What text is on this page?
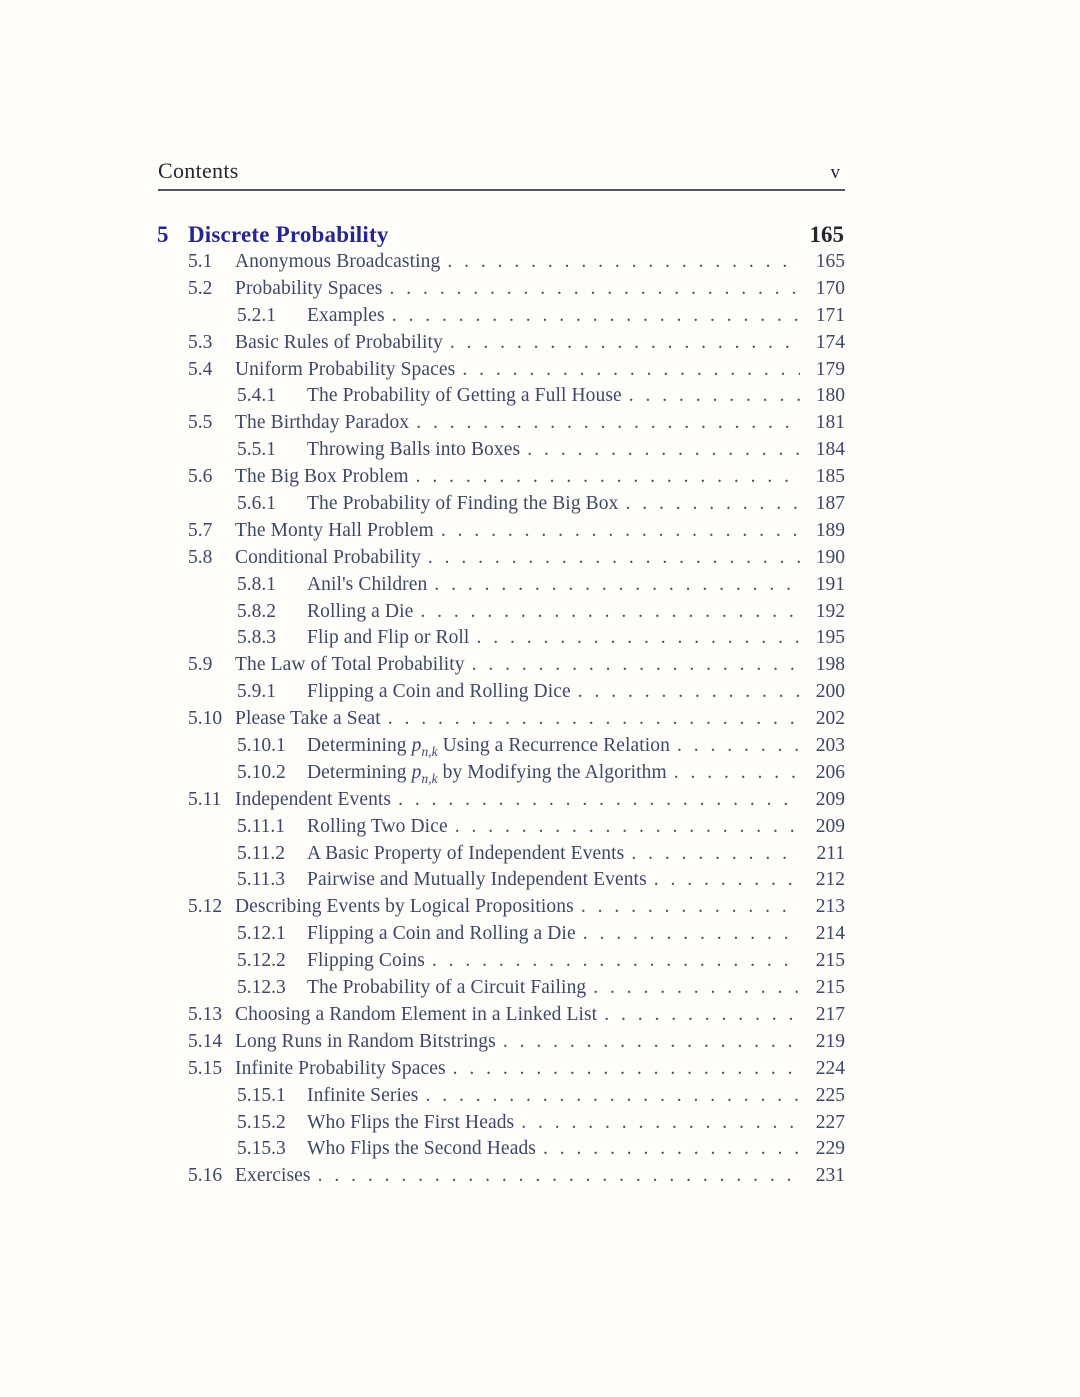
Contents	v
5 Discrete Probability	165
5.1	Anonymous Broadcasting . . .	165
5.2	Probability Spaces . . .	170
5.2.1	Examples . . .	171
5.3	Basic Rules of Probability . . .	174
5.4	Uniform Probability Spaces . . .	179
5.4.1	The Probability of Getting a Full House . . .	180
5.5	The Birthday Paradox . . .	181
5.5.1	Throwing Balls into Boxes . . .	184
5.6	The Big Box Problem . . .	185
5.6.1	The Probability of Finding the Big Box . . .	187
5.7	The Monty Hall Problem . . .	189
5.8	Conditional Probability . . .	190
5.8.1	Anil's Children . . .	191
5.8.2	Rolling a Die . . .	192
5.8.3	Flip and Flip or Roll . . .	195
5.9	The Law of Total Probability . . .	198
5.9.1	Flipping a Coin and Rolling Dice . . .	200
5.10 Please Take a Seat . . .	202
5.10.1	Determining $p_{n,k}$ Using a Recurrence Relation . . .	203
5.10.2	Determining $p_{n,k}$ by Modifying the Algorithm . . .	206
5.11 Independent Events . . .	209
5.11.1	Rolling Two Dice . . .	209
5.11.2	A Basic Property of Independent Events . . .	211
5.11.3	Pairwise and Mutually Independent Events . . .	212
5.12 Describing Events by Logical Propositions . . .	213
5.12.1	Flipping a Coin and Rolling a Die . . .	214
5.12.2	Flipping Coins . . .	215
5.12.3	The Probability of a Circuit Failing . . .	215
5.13 Choosing a Random Element in a Linked List . . .	217
5.14 Long Runs in Random Bitstrings . . .	219
5.15 Infinite Probability Spaces . . .	224
5.15.1	Infinite Series . . .	225
5.15.2	Who Flips the First Heads . . .	227
5.15.3	Who Flips the Second Heads . . .	229
5.16 Exercises . . .	231
